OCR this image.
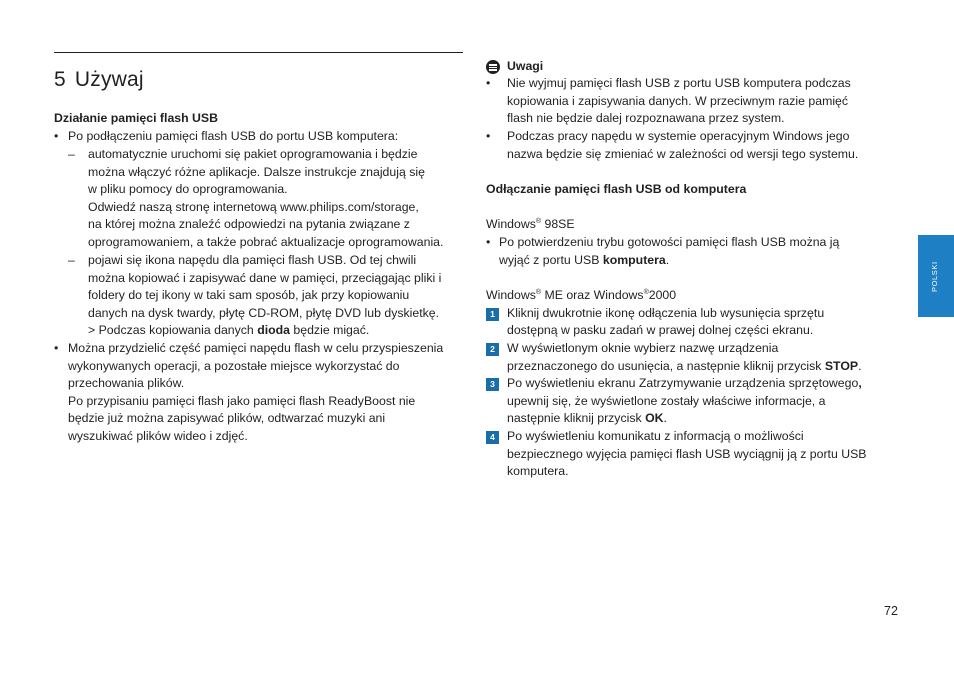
5 Używaj
Działanie pamięci flash USB
• Po podłączeniu pamięci flash USB do portu USB komputera:
– automatycznie uruchomi się pakiet oprogramowania i będzie
można włączyć różne aplikacje. Dalsze instrukcje znajdują się
w pliku pomocy do oprogramowania.
Odwiedź naszą stronę internetową www.philips.com/storage,
na której można znaleźć odpowiedzi na pytania związane z
oprogramowaniem, a także pobrać aktualizacje oprogramowania.
– pojawi się ikona napędu dla pamięci flash USB. Od tej chwili
można kopiować i zapisywać dane w pamięci, przeciągając pliki i
foldery do tej ikony w taki sam sposób, jak przy kopiowaniu
danych na dysk twardy, płytę CD-ROM, płytę DVD lub dyskietkę.
> Podczas kopiowania danych dioda będzie migać.
• Można przydzielić część pamięci napędu flash w celu przyspieszenia
wykonywanych operacji, a pozostałe miejsce wykorzystać do
przechowania plików.
Po przypisaniu pamięci flash jako pamięci flash ReadyBoost nie
będzie już można zapisywać plików, odtwarzać muzyki ani
wyszukiwać plików wideo i zdjęć.
Uwagi
• Nie wyjmuj pamięci flash USB z portu USB komputera podczas
kopiowania i zapisywania danych. W przeciwnym razie pamięć
flash nie będzie dalej rozpoznawana przez system.
• Podczas pracy napędu w systemie operacyjnym Windows jego
nazwa będzie się zmieniać w zależności od wersji tego systemu.
Odłączanie pamięci flash USB od komputera
Windows® 98SE
• Po potwierdzeniu trybu gotowości pamięci flash USB można ją
wyjąć z portu USB komputera.
Windows® ME oraz Windows®2000
1 Kliknij dwukrotnie ikonę odłączenia lub wysunięcia sprzętu
dostępną w pasku zadań w prawej dolnej części ekranu.
2 W wyświetlonym oknie wybierz nazwę urządzenia
przeznaczonego do usunięcia, a następnie kliknij przycisk STOP.
3 Po wyświetleniu ekranu Zatrzymywanie urządzenia sprzętowego,
upewnij się, że wyświetlone zostały właściwe informacje, a
następnie kliknij przycisk OK.
4 Po wyświetleniu komunikatu z informacją o możliwości
bezpiecznego wyjęcia pamięci flash USB wyciągnij ją z portu USB
komputera.
POLSKI
72
